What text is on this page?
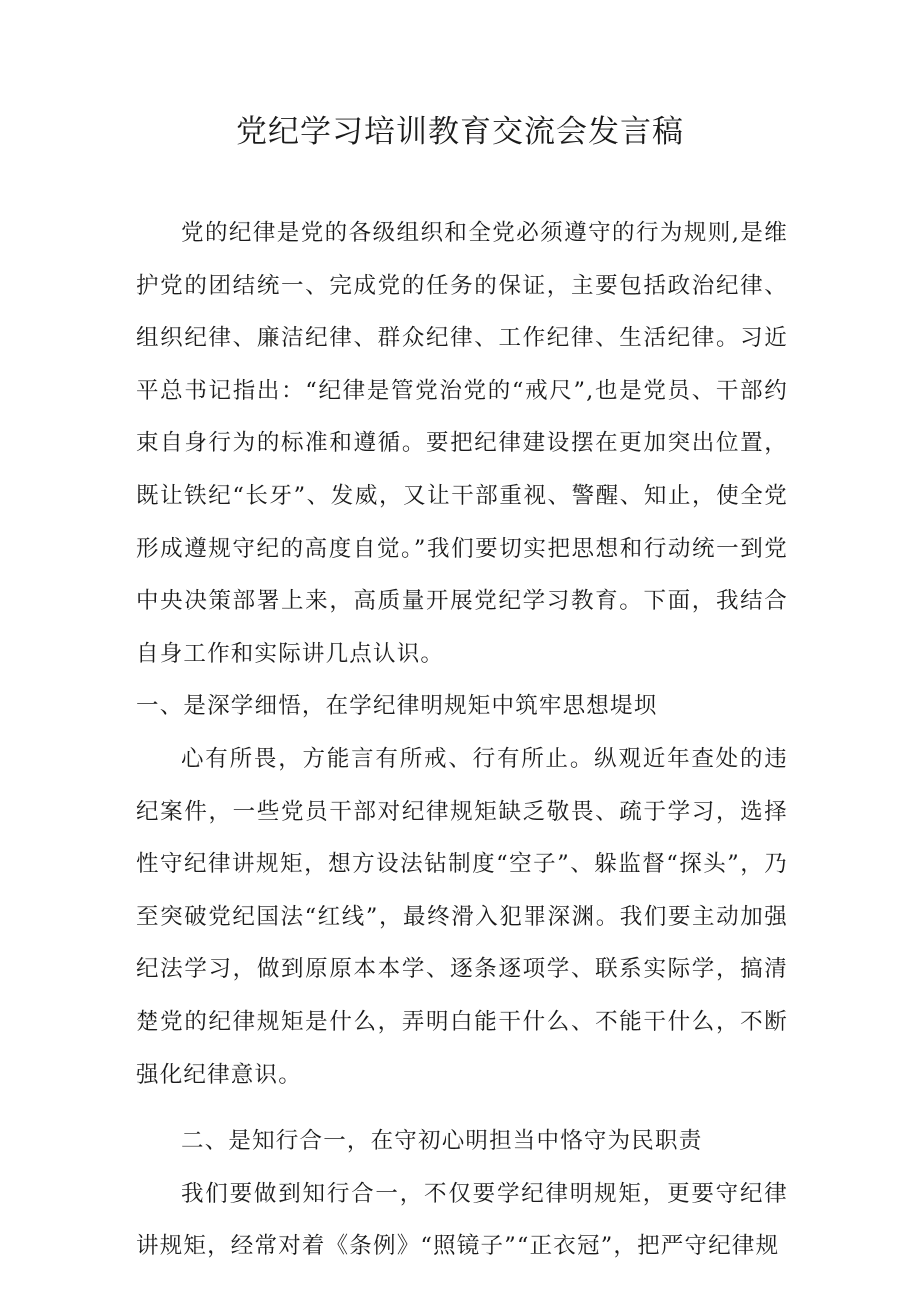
党纪学习培训教育交流会发言稿

党的纪律是党的各级组织和全党必须遵守的行为规则,是维护党的团结统一、完成党的任务的保证，主要包括政治纪律、组织纪律、廉洁纪律、群众纪律、工作纪律、生活纪律。习近平总书记指出：“纪律是管党治党的“戒尺”,也是党员、干部约束自身行为的标准和遵循。要把纪律建设摆在更加突出位置，既让铁纪“长牙”、发威，又让干部重视、警醒、知止，使全党形成遵规守纪的高度自觉。”我们要切实把思想和行动统一到党中央决策部署上来，高质量开展党纪学习教育。下面，我结合自身工作和实际讲几点认识。

一、是深学细悟，在学纪律明规矩中筑牢思想堤坝

心有所畏，方能言有所戒、行有所止。纵观近年查处的违纪案件，一些党员干部对纪律规矩缺乏敬畏、疏于学习，选择性守纪律讲规矩，想方设法钻制度“空子”、躲监督“探头”，乃至突破党纪国法“红线”，最终滑入犯罪深渊。我们要主动加强纪法学习，做到原原本本学、逐条逐项学、联系实际学，搞清楚党的纪律规矩是什么，弄明白能干什么、不能干什么，不断强化纪律意识。

二、是知行合一，在守初心明担当中恪守为民职责

我们要做到知行合一，不仅要学纪律明规矩，更要守纪律讲规矩，经常对着《条例》“照镜子”“正衣冠”，把严守纪律规
